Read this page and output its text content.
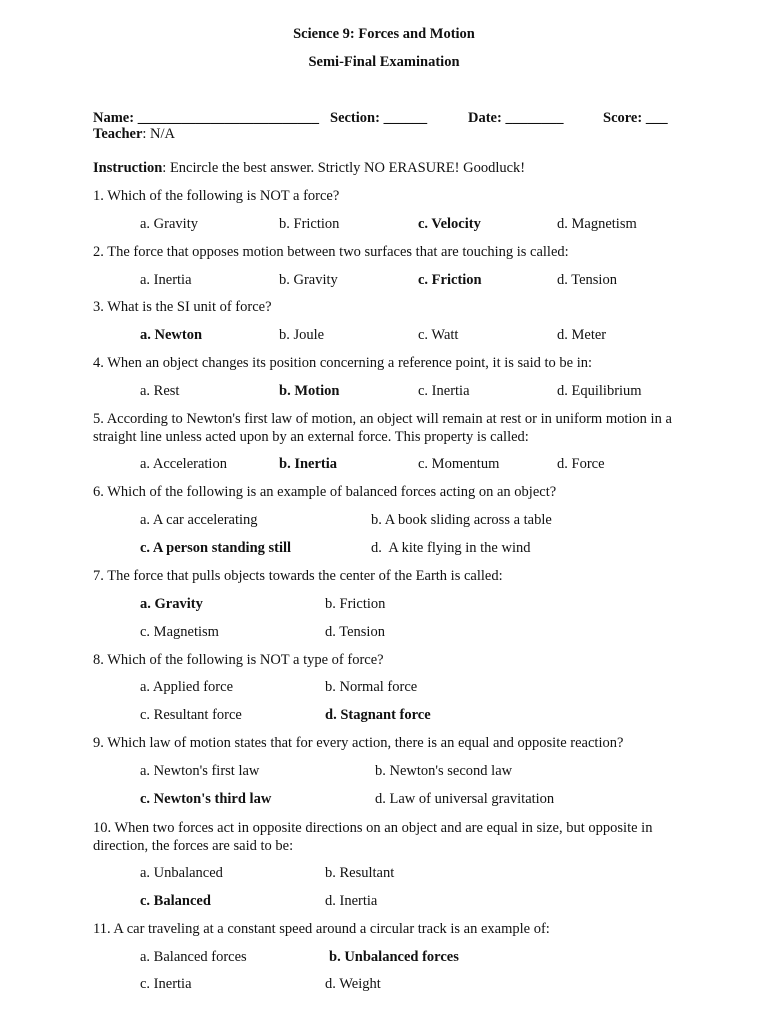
Science 9: Forces and Motion
Semi-Final Examination
Name: _________________________ Section: ______	Date: ________	Score: ___
Teacher: N/A
Instruction: Encircle the best answer. Strictly NO ERASURE! Goodluck!
1. Which of the following is NOT a force?
a. Gravity	b. Friction	c. Velocity	d. Magnetism
2. The force that opposes motion between two surfaces that are touching is called:
a. Inertia	b. Gravity	c. Friction	d. Tension
3. What is the SI unit of force?
a. Newton	b. Joule	c. Watt	d. Meter
4. When an object changes its position concerning a reference point, it is said to be in:
a. Rest	b. Motion	c. Inertia	d. Equilibrium
5. According to Newton's first law of motion, an object will remain at rest or in uniform motion in a straight line unless acted upon by an external force. This property is called:
a. Acceleration	b. Inertia	c. Momentum	d. Force
6. Which of the following is an example of balanced forces acting on an object?
a. A car accelerating	b. A book sliding across a table
c. A person standing still	d.  A kite flying in the wind
7. The force that pulls objects towards the center of the Earth is called:
a. Gravity	b. Friction
c. Magnetism	d. Tension
8. Which of the following is NOT a type of force?
a. Applied force	b. Normal force
c. Resultant force	d. Stagnant force
9. Which law of motion states that for every action, there is an equal and opposite reaction?
a. Newton's first law	b. Newton's second law
c. Newton's third law	d. Law of universal gravitation
10. When two forces act in opposite directions on an object and are equal in size, but opposite in direction, the forces are said to be:
a. Unbalanced	b. Resultant
c. Balanced	d. Inertia
11. A car traveling at a constant speed around a circular track is an example of:
a. Balanced forces	b. Unbalanced forces
c. Inertia	d. Weight
